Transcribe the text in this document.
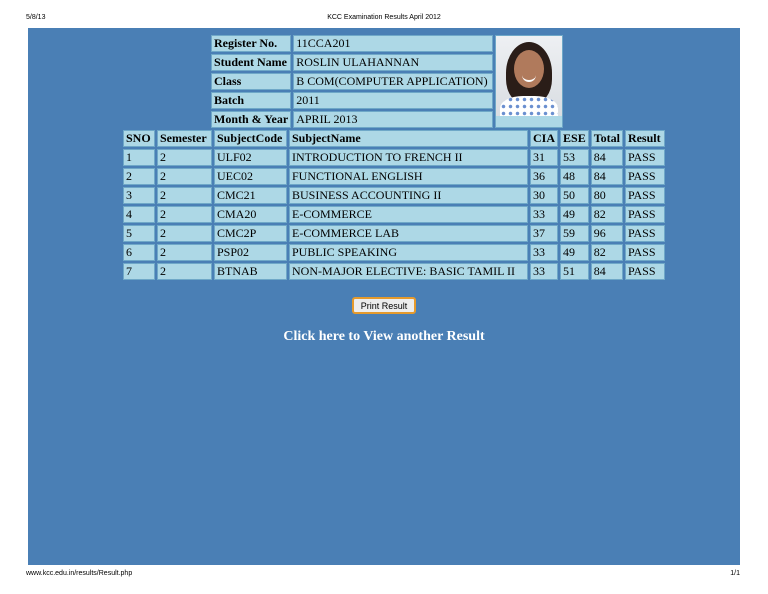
5/8/13	KCC Examination Results April 2012
Register No.	11CCA201	

Student Name	ROSLIN ULAHANNAN	
Class	B COM(COMPUTER APPLICATION)	
Batch	2011	
Month & Year	APRIL 2013	
SNO	Semester	SubjectCode	SubjectName	CIA	ESE	Total	Result
1	2	ULF02	INTRODUCTION TO FRENCH II	31	53	84	PASS
2	2	UEC02	FUNCTIONAL ENGLISH	36	48	84	PASS
3	2	CMC21	BUSINESS ACCOUNTING II	30	50	80	PASS
4	2	CMA20	E-COMMERCE	33	49	82	PASS
5	2	CMC2P	E-COMMERCE LAB	37	59	96	PASS
6	2	PSP02	PUBLIC SPEAKING	33	49	82	PASS
7	2	BTNAB	NON-MAJOR ELECTIVE: BASIC TAMIL II	33	51	84	PASS
Print Result
Click here to View another Result
www.kcc.edu.in/results/Result.php	1/1
